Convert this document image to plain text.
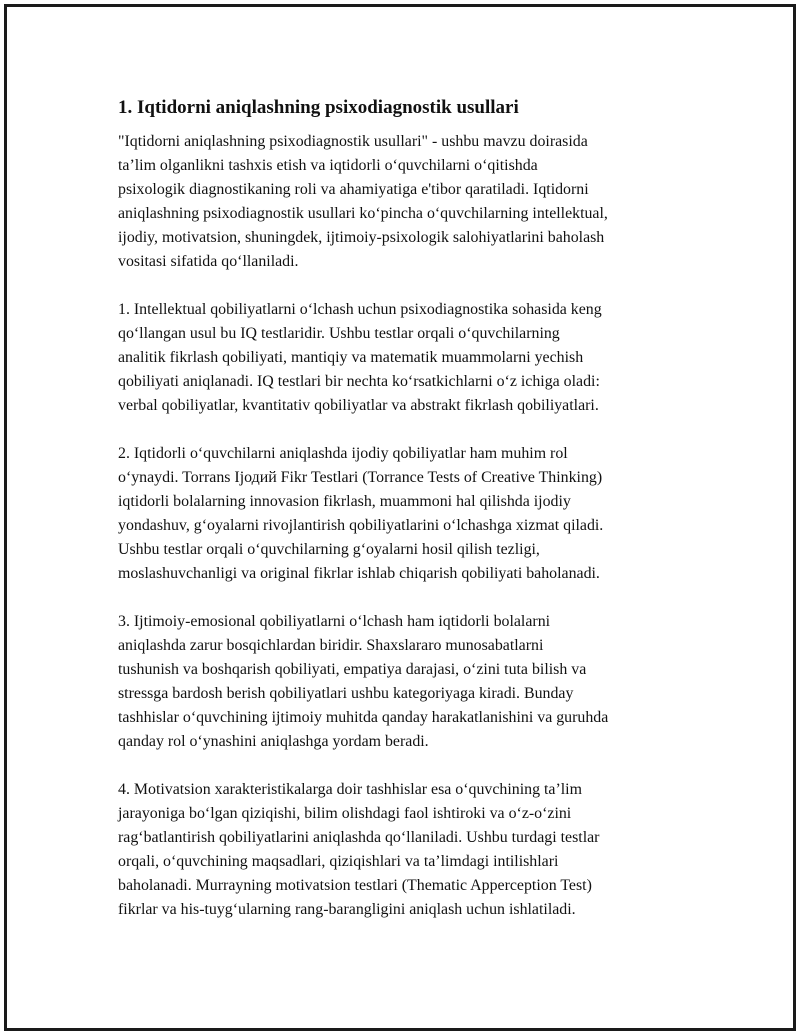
1. Iqtidorni aniqlashning psixodiagnostik usullari

"Iqtidorni aniqlashning psixodiagnostik usullari" - ushbu mavzu doirasida
ta’lim olganlikni tashxis etish va iqtidorli o‘quvchilarni o‘qitishda
psixologik diagnostikaning roli va ahamiyatiga e'tibor qaratiladi. Iqtidorni
aniqlashning psixodiagnostik usullari ko‘pincha o‘quvchilarning intellektual,
ijodiy, motivatsion, shuningdek, ijtimoiy-psixologik salohiyatlarini baholash
vositasi sifatida qo‘llaniladi.

1. Intellektual qobiliyatlarni o‘lchash uchun psixodiagnostika sohasida keng
qo‘llangan usul bu IQ testlaridir. Ushbu testlar orqali o‘quvchilarning
analitik fikrlash qobiliyati, mantiqiy va matematik muammolarni yechish
qobiliyati aniqlanadi. IQ testlari bir nechta ko‘rsatkichlarni o‘z ichiga oladi:
verbal qobiliyatlar, kvantitativ qobiliyatlar va abstrakt fikrlash qobiliyatlari.

2. Iqtidorli o‘quvchilarni aniqlashda ijodiy qobiliyatlar ham muhim rol
o‘ynaydi. Torrans Ijодий Fikr Testlari (Torrance Tests of Creative Thinking)
iqtidorli bolalarning innovasion fikrlash, muammoni hal qilishda ijodiy
yondashuv, g‘oyalarni rivojlantirish qobiliyatlarini o‘lchashga xizmat qiladi.
Ushbu testlar orqali o‘quvchilarning g‘oyalarni hosil qilish tezligi,
moslashuvchanligi va original fikrlar ishlab chiqarish qobiliyati baholanadi.

3. Ijtimoiy-emosional qobiliyatlarni o‘lchash ham iqtidorli bolalarni
aniqlashda zarur bosqichlardan biridir. Shaxslararo munosabatlarni
tushunish va boshqarish qobiliyati, empatiya darajasi, o‘zini tuta bilish va
stressga bardosh berish qobiliyatlari ushbu kategoriyaga kiradi. Bunday
tashhislar o‘quvchining ijtimoiy muhitda qanday harakatlanishini va guruhda
qanday rol o‘ynashini aniqlashga yordam beradi.

4. Motivatsion xarakteristikalarga doir tashhislar esa o‘quvchining ta’lim
jarayoniga bo‘lgan qiziqishi, bilim olishdagi faol ishtiroki va o‘z-o‘zini
rag‘batlantirish qobiliyatlarini aniqlashda qo‘llaniladi. Ushbu turdagi testlar
orqali, o‘quvchining maqsadlari, qiziqishlari va ta’limdagi intilishlari
baholanadi. Murrayning motivatsion testlari (Thematic Apperception Test)
fikrlar va his-tuyg‘ularning rang-barangligini aniqlash uchun ishlatiladi.
